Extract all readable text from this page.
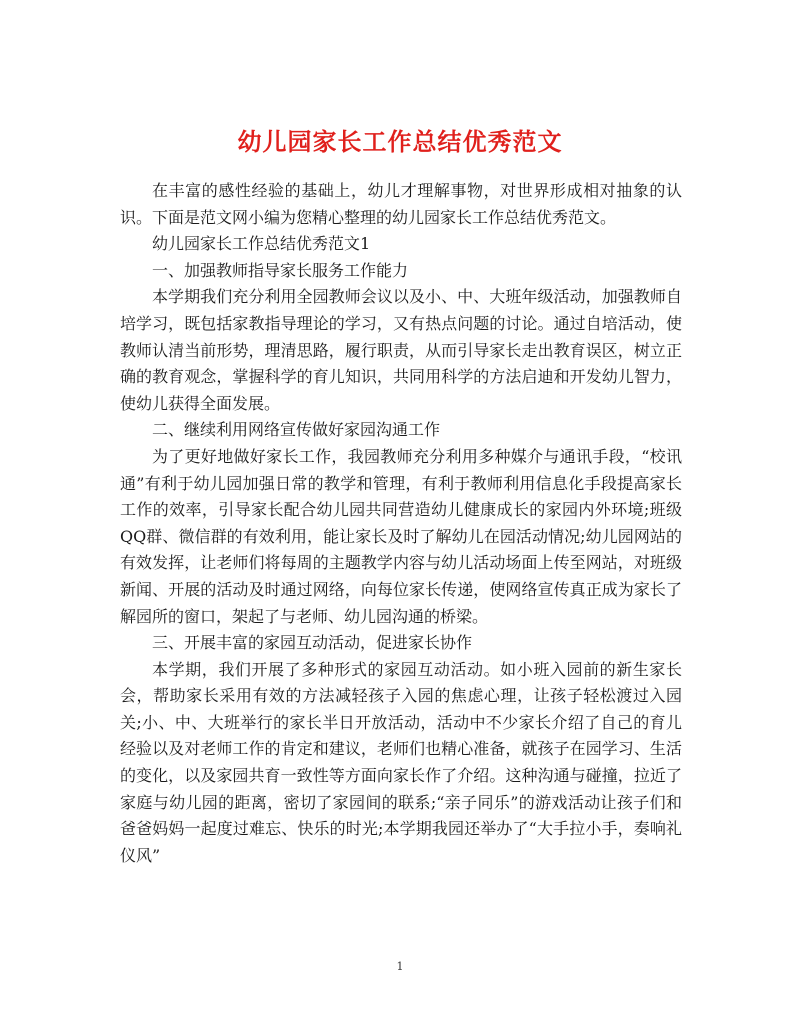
幼儿园家长工作总结优秀范文

在丰富的感性经验的基础上，幼儿才理解事物，对世界形成相对抽象的认识。下面是范文网小编为您精心整理的幼儿园家长工作总结优秀范文。

幼儿园家长工作总结优秀范文1

一、加强教师指导家长服务工作能力

本学期我们充分利用全园教师会议以及小、中、大班年级活动，加强教师自培学习，既包括家教指导理论的学习，又有热点问题的讨论。通过自培活动，使教师认清当前形势，理清思路，履行职责，从而引导家长走出教育误区，树立正确的教育观念，掌握科学的育儿知识，共同用科学的方法启迪和开发幼儿智力，使幼儿获得全面发展。

二、继续利用网络宣传做好家园沟通工作

为了更好地做好家长工作，我园教师充分利用多种媒介与通讯手段，“校讯通”有利于幼儿园加强日常的教学和管理，有利于教师利用信息化手段提高家长工作的效率，引导家长配合幼儿园共同营造幼儿健康成长的家园内外环境;班级QQ群、微信群的有效利用，能让家长及时了解幼儿在园活动情况;幼儿园网站的有效发挥，让老师们将每周的主题教学内容与幼儿活动场面上传至网站，对班级新闻、开展的活动及时通过网络，向每位家长传递，使网络宣传真正成为家长了解园所的窗口，架起了与老师、幼儿园沟通的桥梁。

三、开展丰富的家园互动活动，促进家长协作

本学期，我们开展了多种形式的家园互动活动。如小班入园前的新生家长会，帮助家长采用有效的方法减轻孩子入园的焦虑心理，让孩子轻松渡过入园关;小、中、大班举行的家长半日开放活动，活动中不少家长介绍了自己的育儿经验以及对老师工作的肯定和建议，老师们也精心准备，就孩子在园学习、生活的变化，以及家园共育一致性等方面向家长作了介绍。这种沟通与碰撞，拉近了家庭与幼儿园的距离，密切了家园间的联系;“亲子同乐”的游戏活动让孩子们和爸爸妈妈一起度过难忘、快乐的时光;本学期我园还举办了“大手拉小手，奏响礼仪风”

1
